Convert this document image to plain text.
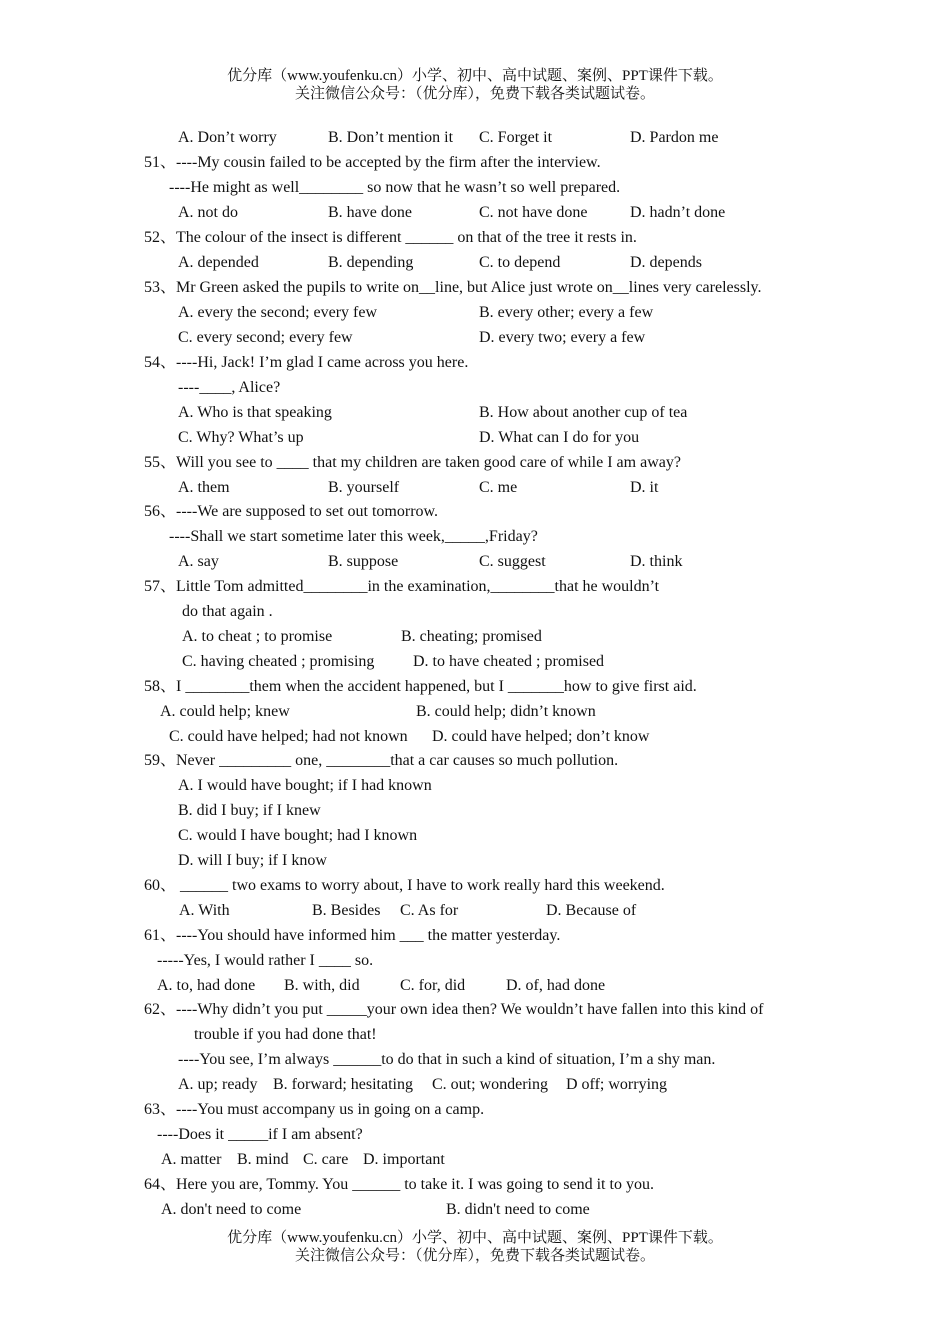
优分库（www.youfenku.cn）小学、初中、高中试题、案例、PPT课件下载。
关注微信公众号：（优分库），免费下载各类试题试卷。
A. Don’t worry	B. Don’t mention it C. Forget it	D. Pardon me
51、----My cousin failed to be accepted by the firm after the interview.
----He might as well________ so now that he wasn’t so well prepared.
A. not do	B. have done	C. not have done	D. hadn’t done
52、The colour of the insect is different ______ on that of the tree it rests in.
A. depended	B. depending	C. to depend	D. depends
53、Mr Green asked the pupils to write on__line, but Alice just wrote on__lines very carelessly.
A. every the second; every few	B. every other; every a few
C. every second; every few	D. every two; every a few
54、----Hi, Jack! I’m glad I came across you here.
----____, Alice?
A. Who is that speaking	B. How about another cup of tea
C. Why? What’s up	D. What can I do for you
55、Will you see to ____ that my children are taken good care of while I am away?
A. them	B. yourself	C. me	D. it
56、----We are supposed to set out tomorrow.
----Shall we start sometime later this week,_____,Friday?
A. say	B. suppose	C. suggest	D. think
57、Little Tom admitted________in the examination,________that he wouldn’t
do that again .
A. to cheat ; to promise	B. cheating; promised
C. having cheated ; promising D. to have cheated ; promised
58、I ________them when the accident happened, but I _______how to give first aid.
A. could help; knew	B. could help; didn’t known
C. could have helped; had not known D. could have helped; don’t know
59、Never _________ one, ________that a car causes so much pollution.
A. I would have bought; if I had known
B. did I buy; if I knew
C. would I have bought; had I known
D. will I buy; if I know
60、 ______ two exams to worry about, I have to work really hard this weekend.
A. With	B. Besides C. As for	D. Because of
61、----You should have informed him ___ the matter yesterday.
-----Yes, I would rather I ____ so.
A. to, had done B. with, did	C. for, did	D. of, had done
62、----Why didn’t you put _____your own idea then? We wouldn’t have fallen into this kind of
trouble if you had done that!
----You see, I’m always ______to do that in such a kind of situation, I’m a shy man.
A. up; ready B. forward; hesitating C. out; wondering D off; worrying
63、----You must accompany us in going on a camp.
----Does it _____if I am absent?
A. matter B. mind C. care D. important
64、Here you are, Tommy. You ______ to take it. I was going to send it to you.
A. don't need to come	B. didn't need to come
优分库（www.youfenku.cn）小学、初中、高中试题、案例、PPT课件下载。
关注微信公众号：（优分库），免费下载各类试题试卷。
